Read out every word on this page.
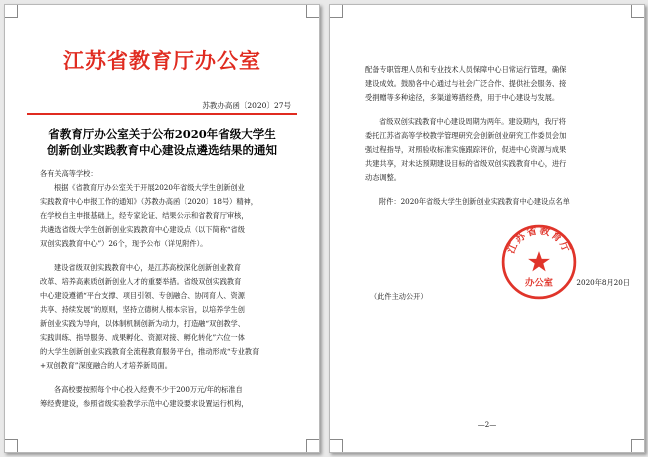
江苏省教育厅办公室
苏教办高函〔2020〕27号
省教育厅办公室关于公布2020年省级大学生
创新创业实践教育中心建设点遴选结果的通知
各有关高等学校：
根据《省教育厅办公室关于开展2020年省级大学生创新创业
实践教育中心申报工作的通知》（苏教办高函〔2020〕18号）精神，
在学校自主申报基础上，经专家论证、结果公示和省教育厅审核，
共遴选省级大学生创新创业实践教育中心建设点（以下简称“省级
双创实践教育中心”）26个，现予公布（详见附件）。
建设省级双创实践教育中心，是江苏高校深化创新创业教育
改革、培养高素质创新创业人才的重要举措。省级双创实践教育
中心建设遵循“平台支撑、项目引领、专创融合、协同育人、资源
共享、持续发展”的原则，坚持立德树人根本宗旨，以培养学生创
新创业实践为导向，以体制机制创新为动力，打造融“双创教学、
实践训练、指导服务、成果孵化、资源对接、孵化转化”六位一体
的大学生创新创业实践教育全流程教育服务平台，推动形成“专业教育
+双创教育”深度融合的人才培养新局面。
各高校要按照每个中心投入经费不少于200万元/年的标准自
筹经费建设，参照省级实验教学示范中心建设要求设置运行机构，
配备专职管理人员和专业技术人员保障中心日常运行管理，确保
建设成效。鼓励各中心通过与社会广泛合作、提供社会服务、接
受捐赠等多种途径，多渠道筹措经费，用于中心建设与发展。
省级双创实践教育中心建设周期为两年。建设期内，我厅将
委托江苏省高等学校教学管理研究会创新创业研究工作委员会加
强过程指导，对照验收标准实施跟踪评价，促进中心资源与成果
共建共享，对未达预期建设目标的省级双创实践教育中心，进行
动态调整。
附件：2020年省级大学生创新创业实践教育中心建设点名单
江苏省教育厅
办公室	2020年8月20日
（此件主动公开）
—2—
